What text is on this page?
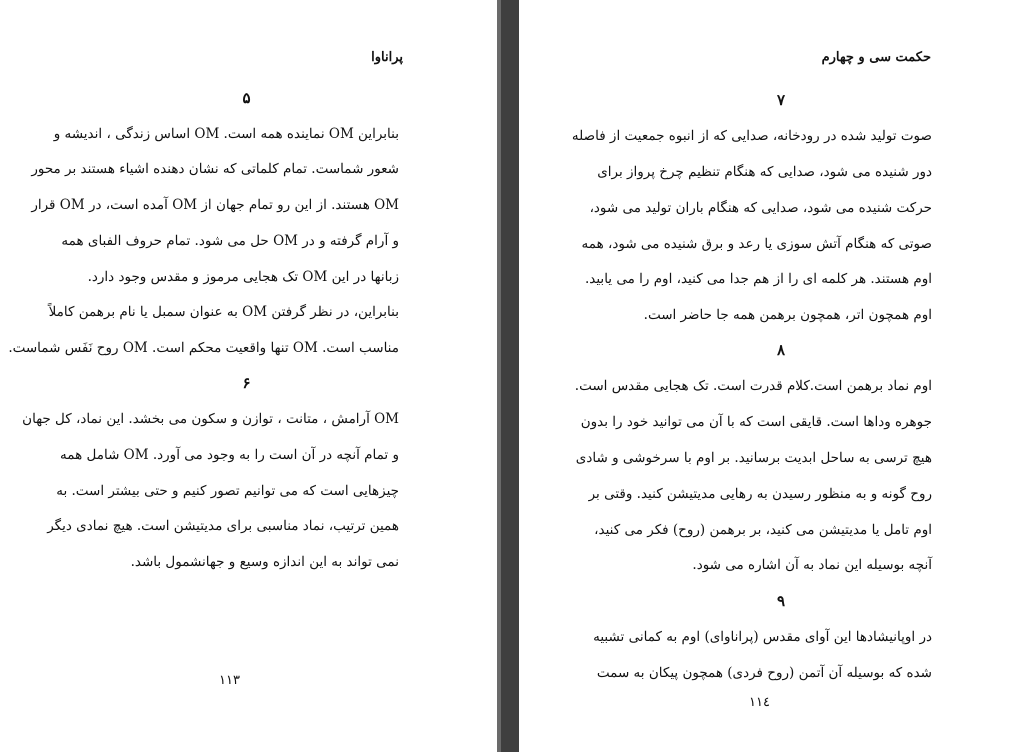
پراناوا
۵
بنابراین OM نماینده همه است. OM اساس زندگی ، اندیشه و
شعور شماست. تمام کلماتی که نشان دهنده اشیاء هستند بر محور
OM هستند. از این رو تمام جهان از OM آمده است، در OM قرار
و آرام گرفته و در OM حل می شود. تمام حروف الفبای همه
زبانها در این OM تک هجایی مرموز و مقدس وجود دارد.
بنابراین، در نظر گرفتن OM به عنوان سمبل یا نام برهمن کاملاً
مناسب است. OM تنها واقعیت محکم است. OM روح نَفَس شماست.
۶
OM آرامش ، متانت ، توازن و سکون می بخشد. این نماد، کل جهان
و تمام آنچه در آن است را به وجود می آورد. OM شامل همه
چیزهایی است که می توانیم تصور کنیم و حتی بیشتر است. به
همین ترتیب، نماد مناسبی برای مدیتیشن است. هیچ نمادی دیگر
نمی تواند به این اندازه وسیع و جهانشمول باشد.
۱۱۳
حکمت سی و چهارم
۷
صوت تولید شده در رودخانه، صدایی که از انبوه جمعیت از فاصله
دور شنیده می شود، صدایی که هنگام تنظیم چرخ پرواز برای
حرکت شنیده می شود، صدایی که هنگام باران تولید می شود،
صوتی که هنگام آتش سوزی یا رعد و برق شنیده می شود، همه
اوم هستند. هر کلمه ای را از هم جدا می کنید، اوم را می یابید.
اوم همچون اتر، همچون برهمن همه جا حاضر است.
۸
اوم نماد برهمن است.کلام قدرت است. تک هجایی مقدس است.
جوهره وداها است. قایقی است که با آن می توانید خود را بدون
هیچ ترسی به ساحل ابدیت برسانید. بر اوم با سرخوشی و شادی
روح گونه و به منظور رسیدن به رهایی مدیتیشن کنید. وقتی بر
اوم تامل یا مدیتیشن می کنید، بر برهمن (روح) فکر می کنید،
آنچه بوسیله این نماد به آن اشاره می شود.
۹
در اوپانیشادها این آوای مقدس (پراناوای) اوم به کمانی تشبیه
شده که بوسیله آن آتمن (روح فردی) همچون پیکان به سمت
۱۱٤
